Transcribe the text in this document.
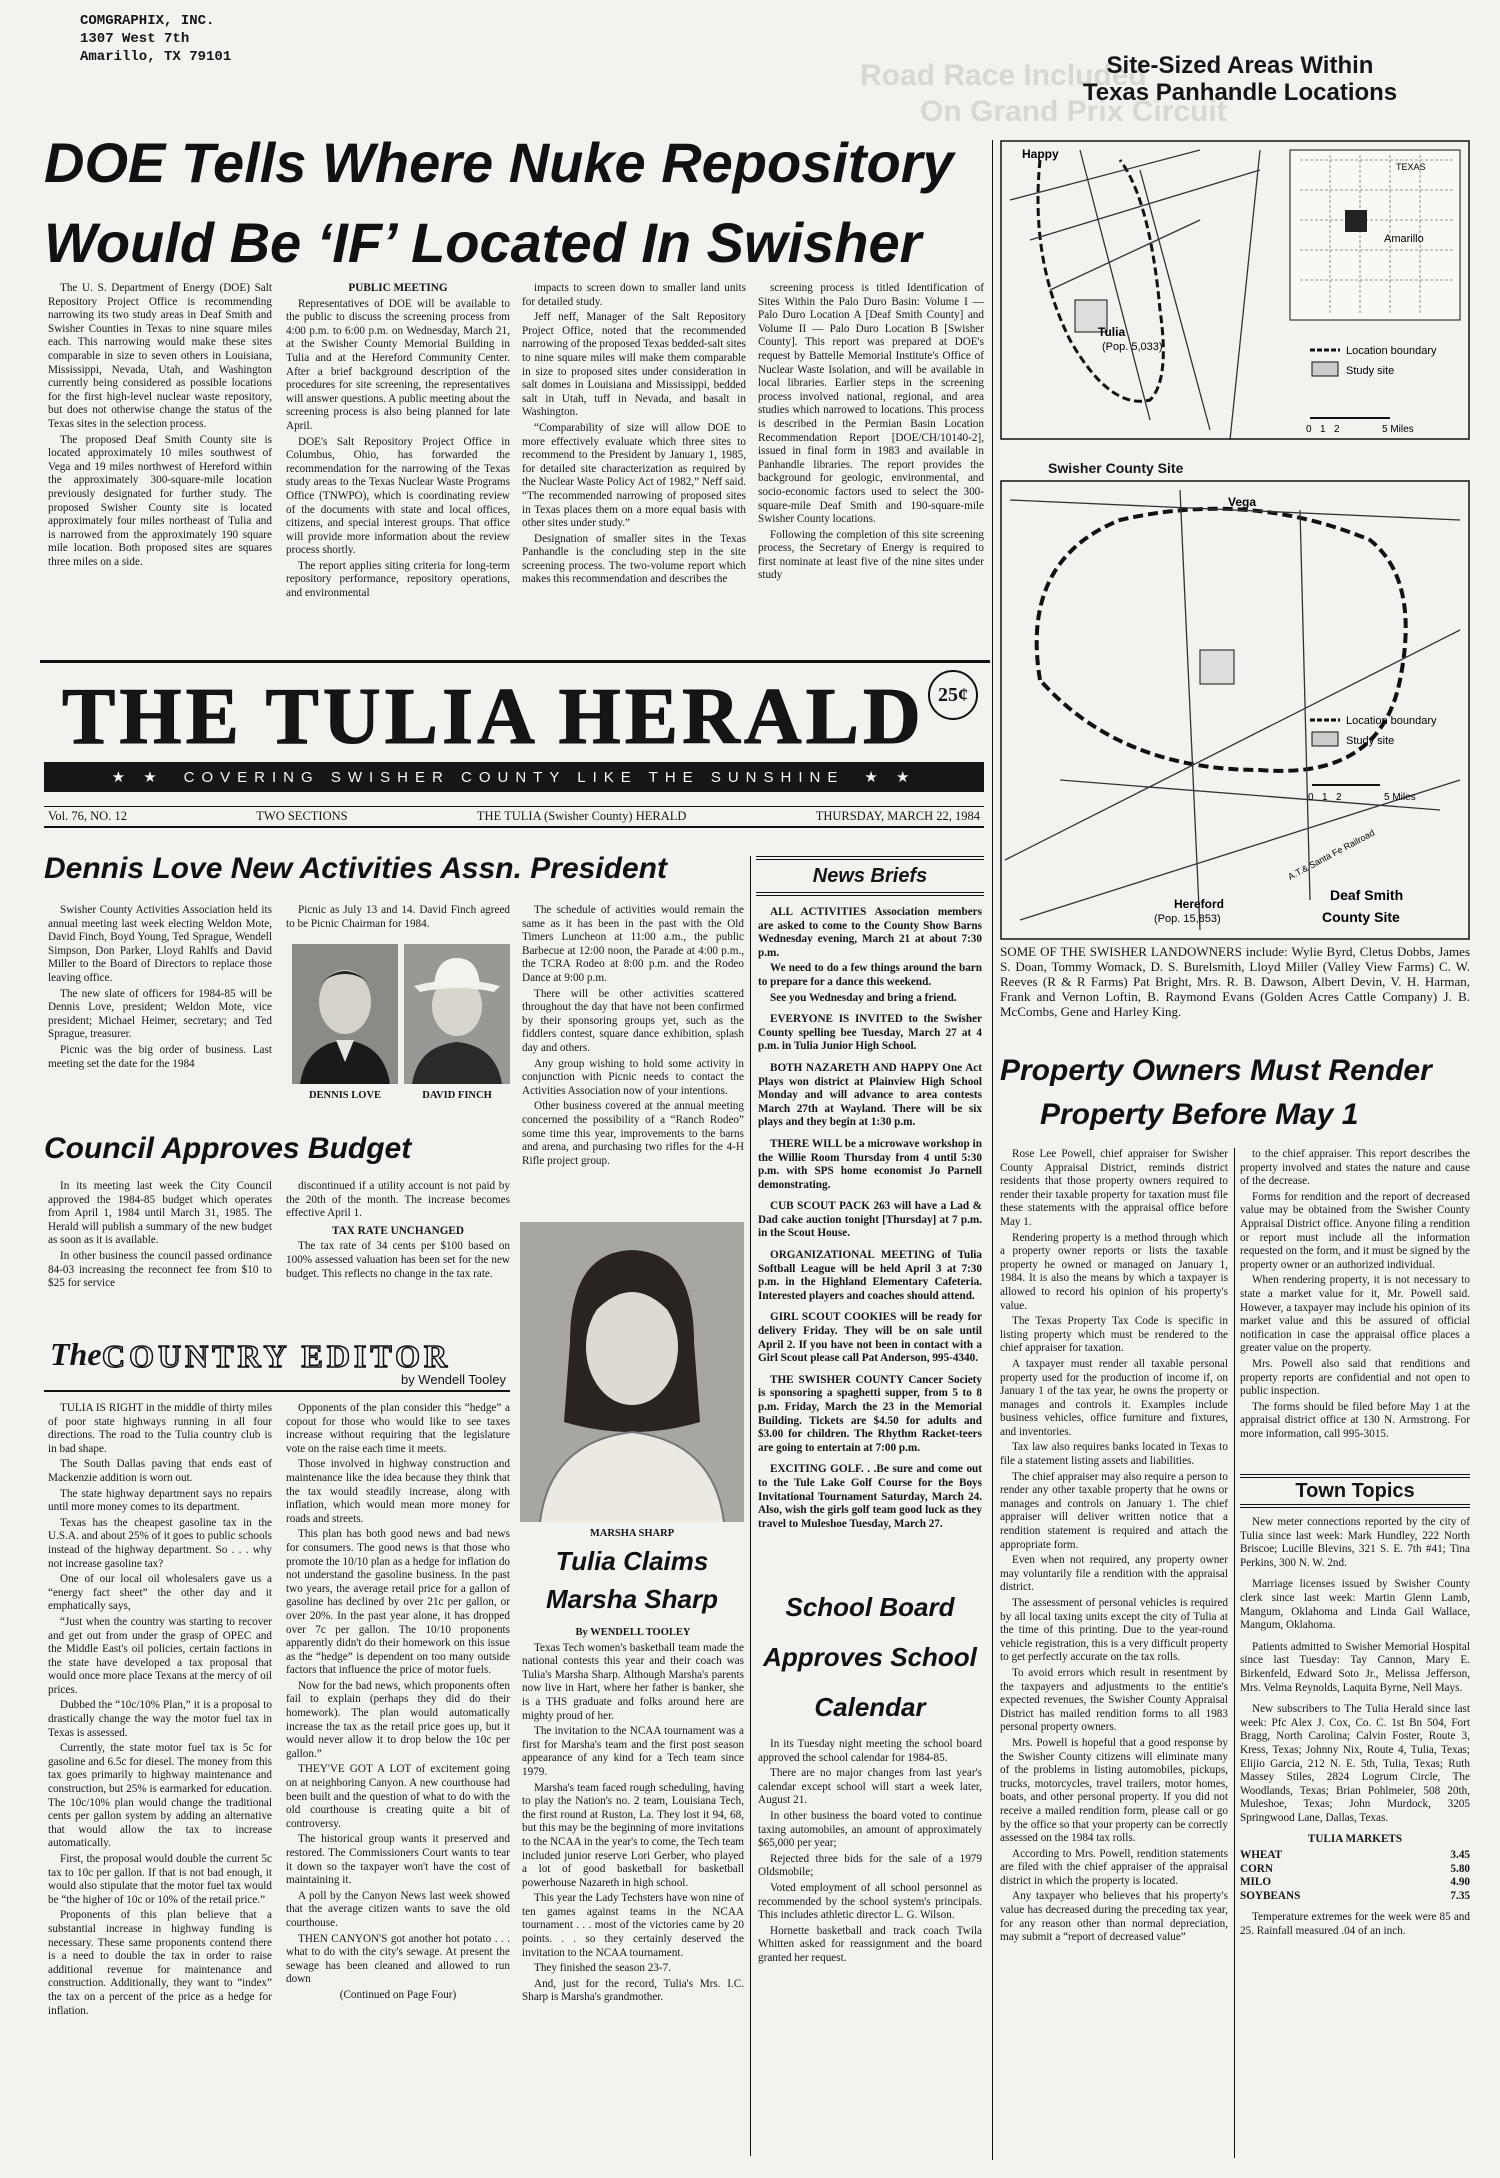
COMGRAPHIX, INC.
1307 West 7th
Amarillo, TX 79101
Road Race Included
On Grand Prix Circuit
Site-Sized Areas Within
Texas Panhandle Locations
DOE Tells Where Nuke Repository
Would Be ‘IF’ Located In Swisher

The U. S. Department of Energy (DOE) Salt Repository Project Office is recommending narrowing its two study areas in Deaf Smith and Swisher Counties in Texas to nine square miles each. This narrowing would make these sites comparable in size to seven others in Louisiana, Mississippi, Nevada, Utah, and Washington currently being considered as possible locations for the first high-level nuclear waste repository, but does not otherwise change the status of the Texas sites in the selection process.

The proposed Deaf Smith County site is located approximately 10 miles southwest of Vega and 19 miles northwest of Hereford within the approximately 300-square-mile location previously designated for further study. The proposed Swisher County site is located approximately four miles northeast of Tulia and is narrowed from the approximately 190 square mile location. Both proposed sites are squares three miles on a side.

PUBLIC MEETING

Representatives of DOE will be available to the public to discuss the screening process from 4:00 p.m. to 6:00 p.m. on Wednesday, March 21, at the Swisher County Memorial Building in Tulia and at the Hereford Community Center. After a brief background description of the procedures for site screening, the representatives will answer questions. A public meeting about the screening process is also being planned for late April.

DOE's Salt Repository Project Office in Columbus, Ohio, has forwarded the recommendation for the narrowing of the Texas study areas to the Texas Nuclear Waste Programs Office (TNWPO), which is coordinating review of the documents with state and local offices, citizens, and special interest groups. That office will provide more information about the review process shortly.

The report applies siting criteria for long-term repository performance, repository operations, and environmental

impacts to screen down to smaller land units for detailed study.

Jeff neff, Manager of the Salt Repository Project Office, noted that the recommended narrowing of the proposed Texas bedded-salt sites to nine square miles will make them comparable in size to proposed sites under consideration in salt domes in Louisiana and Mississippi, bedded salt in Utah, tuff in Nevada, and basalt in Washington.

“Comparability of size will allow DOE to more effectively evaluate which three sites to recommend to the President by January 1, 1985, for detailed site characterization as required by the Nuclear Waste Policy Act of 1982,” Neff said. “The recommended narrowing of proposed sites in Texas places them on a more equal basis with other sites under study.”

Designation of smaller sites in the Texas Panhandle is the concluding step in the site screening process. The two-volume report which makes this recommendation and describes the

screening process is titled Identification of Sites Within the Palo Duro Basin: Volume I — Palo Duro Location A [Deaf Smith County] and Volume II — Palo Duro Location B [Swisher County]. This report was prepared at DOE's request by Battelle Memorial Institute's Office of Nuclear Waste Isolation, and will be available in local libraries. Earlier steps in the screening process involved national, regional, and area studies which narrowed to locations. This process is described in the Permian Basin Location Recommendation Report [DOE/CH/10140-2], issued in final form in 1983 and available in Panhandle libraries. The report provides the background for geologic, environmental, and socio-economic factors used to select the 300-square-mile Deaf Smith and 190-square-mile Swisher County locations.

Following the completion of this site screening process, the Secretary of Energy is required to first nominate at least five of the nine sites under study

THE TULIA HERALD 25¢
★ ★ COVERING SWISHER COUNTY LIKE THE SUNSHINE ★ ★
Vol. 76, NO. 12	TWO SECTIONS	THE TULIA (Swisher County) HERALD	THURSDAY, MARCH 22, 1984
Dennis Love New Activities Assn. President

Swisher County Activities Association held its annual meeting last week electing Weldon Mote, David Finch, Boyd Young, Ted Sprague, Wendell Simpson, Don Parker, Lloyd Rahlfs and David Miller to the Board of Directors to replace those leaving office.

The new slate of officers for 1984-85 will be Dennis Love, president; Weldon Mote, vice president; Michael Heimer, secretary; and Ted Sprague, treasurer.

Picnic was the big order of business. Last meeting set the date for the 1984

Picnic as July 13 and 14. David Finch agreed to be Picnic Chairman for 1984.

DENNIS LOVE	DAVID FINCH

The schedule of activities would remain the same as it has been in the past with the Old Timers Luncheon at 11:00 a.m., the public Barbecue at 12:00 noon, the Parade at 4:00 p.m., the TCRA Rodeo at 8:00 p.m. and the Rodeo Dance at 9:00 p.m.

There will be other activities scattered throughout the day that have not been confirmed by their sponsoring groups yet, such as the fiddlers contest, square dance exhibition, splash day and others.

Any group wishing to hold some activity in conjunction with Picnic needs to contact the Activities Association now of your intentions.

Other business covered at the annual meeting concerned the possibility of a “Ranch Rodeo” some time this year, improvements to the barns and arena, and purchasing two rifles for the 4-H Rifle project group.

Council Approves Budget

In its meeting last week the City Council approved the 1984-85 budget which operates from April 1, 1984 until March 31, 1985. The Herald will publish a summary of the new budget as soon as it is available.

In other business the council passed ordinance 84-03 increasing the reconnect fee from $10 to $25 for service

discontinued if a utility account is not paid by the 20th of the month. The increase becomes effective April 1.

TAX RATE UNCHANGED

The tax rate of 34 cents per $100 based on 100% assessed valuation has been set for the new budget. This reflects no change in the tax rate.

The COUNTRY EDITOR
by Wendell Tooley

TULIA IS RIGHT in the middle of thirty miles of poor state highways running in all four directions. The road to the Tulia country club is in bad shape.

The South Dallas paving that ends east of Mackenzie addition is worn out.

The state highway department says no repairs until more money comes to its department.

Texas has the cheapest gasoline tax in the U.S.A. and about 25% of it goes to public schools instead of the highway department. So . . . why not increase gasoline tax?

One of our local oil wholesalers gave us a “energy fact sheet” the other day and it emphatically says,

“Just when the country was starting to recover and get out from under the grasp of OPEC and the Middle East's oil policies, certain factions in the state have developed a tax proposal that would once more place Texans at the mercy of oil prices.

Dubbed the “10c/10% Plan,” it is a proposal to drastically change the way the motor fuel tax in Texas is assessed.

Currently, the state motor fuel tax is 5c for gasoline and 6.5c for diesel. The money from this tax goes primarily to highway maintenance and construction, but 25% is earmarked for education. The 10c/10% plan would change the traditional cents per gallon system by adding an alternative that would allow the tax to increase automatically.

First, the proposal would double the current 5c tax to 10c per gallon. If that is not bad enough, it would also stipulate that the motor fuel tax would be “the higher of 10c or 10% of the retail price.”

Proponents of this plan believe that a substantial increase in highway funding is necessary. These same proponents contend there is a need to double the tax in order to raise additional revenue for maintenance and construction. Additionally, they want to “index” the tax on a percent of the price as a hedge for inflation.

Opponents of the plan consider this “hedge” a copout for those who would like to see taxes increase without requiring that the legislature vote on the raise each time it meets.

Those involved in highway construction and maintenance like the idea because they think that the tax would steadily increase, along with inflation, which would mean more money for roads and streets.

This plan has both good news and bad news for consumers. The good news is that those who promote the 10/10 plan as a hedge for inflation do not understand the gasoline business. In the past two years, the average retail price for a gallon of gasoline has declined by over 21c per gallon, or over 20%. In the past year alone, it has dropped over 7c per gallon. The 10/10 proponents apparently didn't do their homework on this issue as the “hedge” is dependent on too many outside factors that influence the price of motor fuels.

Now for the bad news, which proponents often fail to explain (perhaps they did do their homework). The plan would automatically increase the tax as the retail price goes up, but it would never allow it to drop below the 10c per gallon.”

THEY'VE GOT A LOT of excitement going on at neighboring Canyon. A new courthouse had been built and the question of what to do with the old courthouse is creating quite a bit of controversy.

The historical group wants it preserved and restored. The Commissioners Court wants to tear it down so the taxpayer won't have the cost of maintaining it.

A poll by the Canyon News last week showed that the average citizen wants to save the old courthouse.

THEN CANYON'S got another hot potato . . . what to do with the city's sewage. At present the sewage has been cleaned and allowed to run down

(Continued on Page Four)

MARSHA SHARP
Tulia Claims
Marsha Sharp

By WENDELL TOOLEY

Texas Tech women's basketball team made the national contests this year and their coach was Tulia's Marsha Sharp. Although Marsha's parents now live in Hart, where her father is banker, she is a THS graduate and folks around here are mighty proud of her.

The invitation to the NCAA tournament was a first for Marsha's team and the first post season appearance of any kind for a Tech team since 1979.

Marsha's team faced rough scheduling, having to play the Nation's no. 2 team, Louisiana Tech, the first round at Ruston, La. They lost it 94, 68, but this may be the beginning of more invitations to the NCAA in the year's to come, the Tech team included junior reserve Lori Gerber, who played a lot of good basketball for basketball powerhouse Nazareth in high school.

This year the Lady Techsters have won nine of ten games against teams in the NCAA tournament . . . most of the victories came by 20 points. . . so they certainly deserved the invitation to the NCAA tournament.

They finished the season 23-7.

And, just for the record, Tulia's Mrs. I.C. Sharp is Marsha's grandmother.

News Briefs

ALL ACTIVITIES Association members are asked to come to the County Show Barns Wednesday evening, March 21 at about 7:30 p.m.

We need to do a few things around the barn to prepare for a dance this weekend.

See you Wednesday and bring a friend.

EVERYONE IS INVITED to the Swisher County spelling bee Tuesday, March 27 at 4 p.m. in Tulia Junior High School.

BOTH NAZARETH AND HAPPY One Act Plays won district at Plainview High School Monday and will advance to area contests March 27th at Wayland. There will be six plays and they begin at 1:30 p.m.

THERE WILL be a microwave workshop in the Willie Room Thursday from 4 until 5:30 p.m. with SPS home economist Jo Parnell demonstrating.

CUB SCOUT PACK 263 will have a Lad & Dad cake auction tonight [Thursday] at 7 p.m. in the Scout House.

ORGANIZATIONAL MEETING of Tulia Softball League will be held April 3 at 7:30 p.m. in the Highland Elementary Cafeteria. Interested players and coaches should attend.

GIRL SCOUT COOKIES will be ready for delivery Friday. They will be on sale until April 2. If you have not been in contact with a Girl Scout please call Pat Anderson, 995-4340.

THE SWISHER COUNTY Cancer Society is sponsoring a spaghetti supper, from 5 to 8 p.m. Friday, March the 23 in the Memorial Building. Tickets are $4.50 for adults and $3.00 for children. The Rhythm Racket-teers are going to entertain at 7:00 p.m.

EXCITING GOLF. . .Be sure and come out to the Tule Lake Golf Course for the Boys Invitational Tournament Saturday, March 24. Also, wish the girls golf team good luck as they travel to Muleshoe Tuesday, March 27.

School Board
Approves School
Calendar

In its Tuesday night meeting the school board approved the school calendar for 1984-85.

There are no major changes from last year's calendar except school will start a week later, August 21.

In other business the board voted to continue taxing automobiles, an amount of approximately $65,000 per year;

Rejected three bids for the sale of a 1979 Oldsmobile;

Voted employment of all school personnel as recommended by the school system's principals. This includes athletic director L. G. Wilson.

Hornette basketball and track coach Twila Whitten asked for reassignment and the board granted her request.

Happy
Amarillo
TEXAS
Tulia
(Pop. 5,033)	Location boundary
Study site
0 1 2	5 Miles
Swisher County Site
Vega
A.T.& Santa Fe Railroad
Location boundary
Study site
0 1 2	5 Miles
Hereford
(Pop. 15,853)
Deaf Smith
County Site
SOME OF THE SWISHER LANDOWNERS include: Wylie Byrd, Cletus Dobbs, James S. Doan, Tommy Womack, D. S. Burelsmith, Lloyd Miller (Valley View Farms) C. W. Reeves (R & R Farms) Pat Bright, Mrs. R. B. Dawson, Albert Devin, V. H. Harman, Frank and Vernon Loftin, B. Raymond Evans (Golden Acres Cattle Company) J. B. McCombs, Gene and Harley King.
Property Owners Must Render
Property Before May 1

Rose Lee Powell, chief appraiser for Swisher County Appraisal District, reminds district residents that those property owners required to render their taxable property for taxation must file these statements with the appraisal office before May 1.

Rendering property is a method through which a property owner reports or lists the taxable property he owned or managed on January 1, 1984. It is also the means by which a taxpayer is allowed to record his opinion of his property's value.

The Texas Property Tax Code is specific in listing property which must be rendered to the chief appraiser for taxation.

A taxpayer must render all taxable personal property used for the production of income if, on January 1 of the tax year, he owns the property or manages and controls it. Examples include business vehicles, office furniture and fixtures, and inventories.

Tax law also requires banks located in Texas to file a statement listing assets and liabilities.

The chief appraiser may also require a person to render any other taxable property that he owns or manages and controls on January 1. The chief appraiser will deliver written notice that a rendition statement is required and attach the appropriate form.

Even when not required, any property owner may voluntarily file a rendition with the appraisal district.

The assessment of personal vehicles is required by all local taxing units except the city of Tulia at the time of this printing. Due to the year-round vehicle registration, this is a very difficult property to get perfectly accurate on the tax rolls.

To avoid errors which result in resentment by the taxpayers and adjustments to the entitie's expected revenues, the Swisher County Appraisal District has mailed rendition forms to all 1983 personal property owners.

Mrs. Powell is hopeful that a good response by the Swisher County citizens will eliminate many of the problems in listing automobiles, pickups, trucks, motorcycles, travel trailers, motor homes, boats, and other personal property. If you did not receive a mailed rendition form, please call or go by the office so that your property can be correctly assessed on the 1984 tax rolls.

According to Mrs. Powell, rendition statements are filed with the chief appraiser of the appraisal district in which the property is located.

Any taxpayer who believes that his property's value has decreased during the preceding tax year, for any reason other than normal depreciation, may submit a “report of decreased value”

to the chief appraiser. This report describes the property involved and states the nature and cause of the decrease.

Forms for rendition and the report of decreased value may be obtained from the Swisher County Appraisal District office. Anyone filing a rendition or report must include all the information requested on the form, and it must be signed by the property owner or an authorized individual.

When rendering property, it is not necessary to state a market value for it, Mr. Powell said. However, a taxpayer may include his opinion of its market value and this be assured of official notification in case the appraisal office places a greater value on the property.

Mrs. Powell also said that renditions and property reports are confidential and not open to public inspection.

The forms should be filed before May 1 at the appraisal district office at 130 N. Armstrong. For more information, call 995-3015.

Town Topics

New meter connections reported by the city of Tulia since last week: Mark Hundley, 222 North Briscoe; Lucille Blevins, 321 S. E. 7th #41; Tina Perkins, 300 N. W. 2nd.

Marriage licenses issued by Swisher County clerk since last week: Martin Glenn Lamb, Mangum, Oklahoma and Linda Gail Wallace, Mangum, Oklahoma.

Patients admitted to Swisher Memorial Hospital since last Tuesday: Tay Cannon, Mary E. Birkenfeld, Edward Soto Jr., Melissa Jefferson, Mrs. Velma Reynolds, Laquita Byrne, Nell Mays.

New subscribers to The Tulia Herald since last week: Pfc Alex J. Cox, Co. C. 1st Bn 504, Fort Bragg, North Carolina; Calvin Foster, Route 3, Kress, Texas; Johnny Nix, Route 4, Tulia, Texas; Elijio Garcia, 212 N. E. 5th, Tulia, Texas; Ruth Massey Stiles, 2824 Logrum Circle, The Woodlands, Texas; Brian Pohlmeier, 508 20th, Muleshoe, Texas; John Murdock, 3205 Springwood Lane, Dallas, Texas.

TULIA MARKETS

WHEAT	3.45
CORN	5.80
MILO	4.90
SOYBEANS	7.35

Temperature extremes for the week were 85 and 25. Rainfall measured .04 of an inch.
